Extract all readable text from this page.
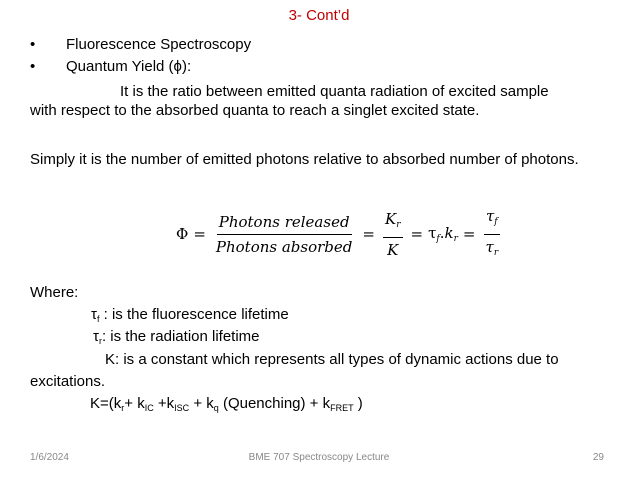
3- Cont’d
• Fluorescence Spectroscopy
• Quantum Yield (ϕ):
It is the ratio between emitted quanta radiation of excited sample
with respect to the absorbed quanta to reach a singlet excited state.
Simply it is the number of emitted photons relative to absorbed number of photons.
$\Phi = \frac{\text{Photons released}}{\text{Photons absorbed}} = \frac{K_r}{K} = \tau_f.k_r = \frac{\tau_f}{\tau_r}$
Where:
$\tau_f$ : is the fluorescence lifetime
$\tau_r$: is the radiation lifetime
K: is a constant which represents all types of dynamic actions due to
excitations.
$K=(k_r+ k_{IC} +k_{ISC} + k_q$ (Quenching) + $k_{FRET}$ )
1/6/2024	BME 707 Spectroscopy Lecture	29
